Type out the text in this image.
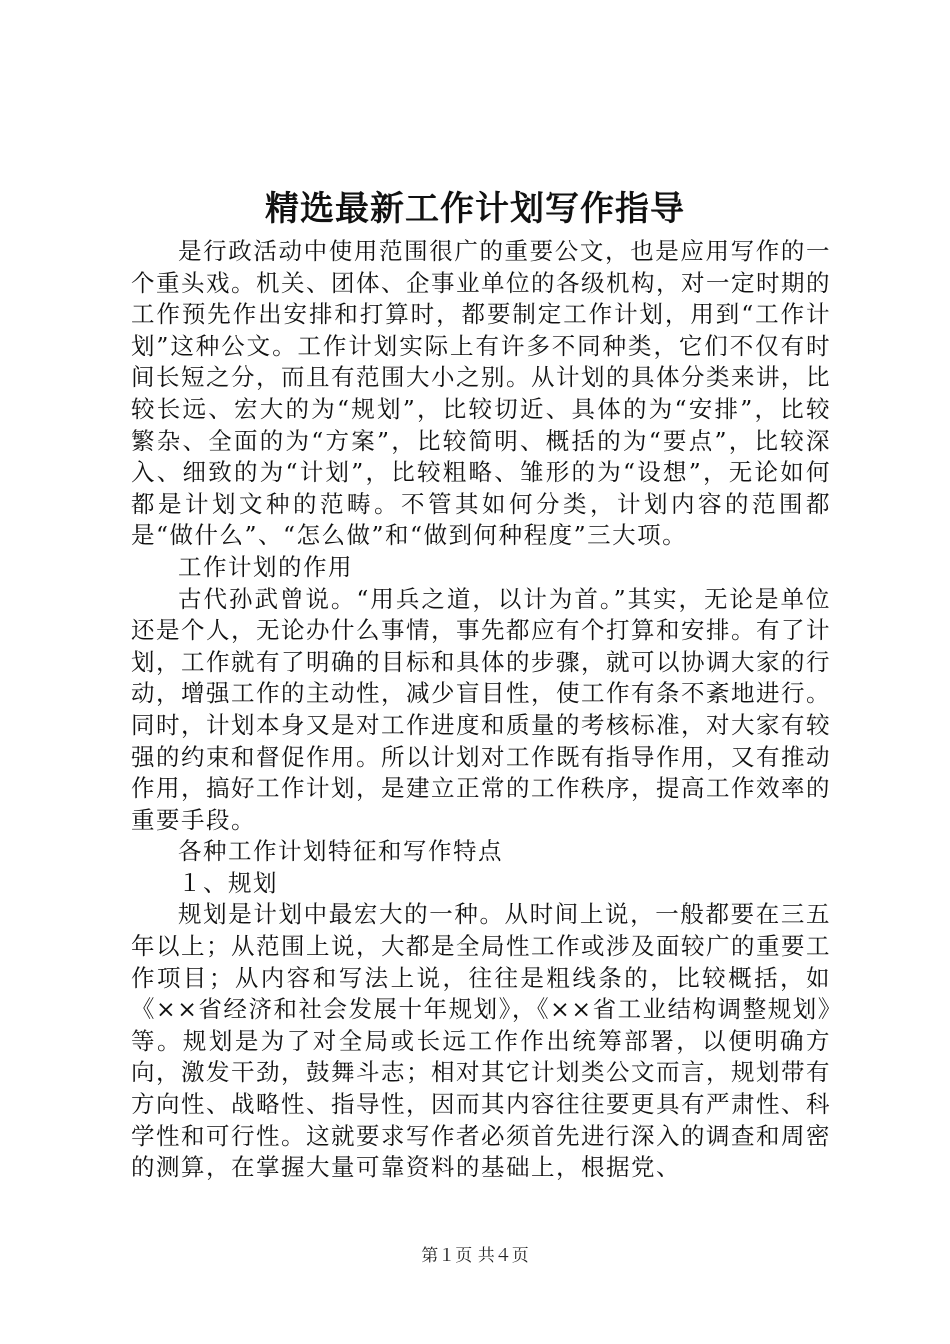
精选最新工作计划写作指导

是行政活动中使用范围很广的重要公文，也是应用写作的一个重头戏。机关、团体、企事业单位的各级机构，对一定时期的工作预先作出安排和打算时，都要制定工作计划，用到“工作计划”这种公文。工作计划实际上有许多不同种类，它们不仅有时间长短之分，而且有范围大小之别。从计划的具体分类来讲，比较长远、宏大的为“规划”，比较切近、具体的为“安排”，比较繁杂、全面的为“方案”，比较简明、概括的为“要点”，比较深入、细致的为“计划”，比较粗略、雏形的为“设想”，无论如何都是计划文种的范畴。不管其如何分类，计划内容的范围都是“做什么”、“怎么做”和“做到何种程度”三大项。

工作计划的作用

古代孙武曾说。“用兵之道，以计为首。”其实，无论是单位还是个人，无论办什么事情，事先都应有个打算和安排。有了计划，工作就有了明确的目标和具体的步骤，就可以协调大家的行动，增强工作的主动性，减少盲目性，使工作有条不紊地进行。同时，计划本身又是对工作进度和质量的考核标准，对大家有较强的约束和督促作用。所以计划对工作既有指导作用，又有推动作用，搞好工作计划，是建立正常的工作秩序，提高工作效率的重要手段。

各种工作计划特征和写作特点

１、规划

规划是计划中最宏大的一种。从时间上说，一般都要在三五年以上；从范围上说，大都是全局性工作或涉及面较广的重要工作项目；从内容和写法上说，往往是粗线条的，比较概括，如《××省经济和社会发展十年规划》，《××省工业结构调整规划》等。规划是为了对全局或长远工作作出统筹部署，以便明确方向，激发干劲，鼓舞斗志；相对其它计划类公文而言，规划带有方向性、战略性、指导性，因而其内容往往要更具有严肃性、科学性和可行性。这就要求写作者必须首先进行深入的调查和周密的测算，在掌握大量可靠资料的基础上，根据党、

第１页 共４页
